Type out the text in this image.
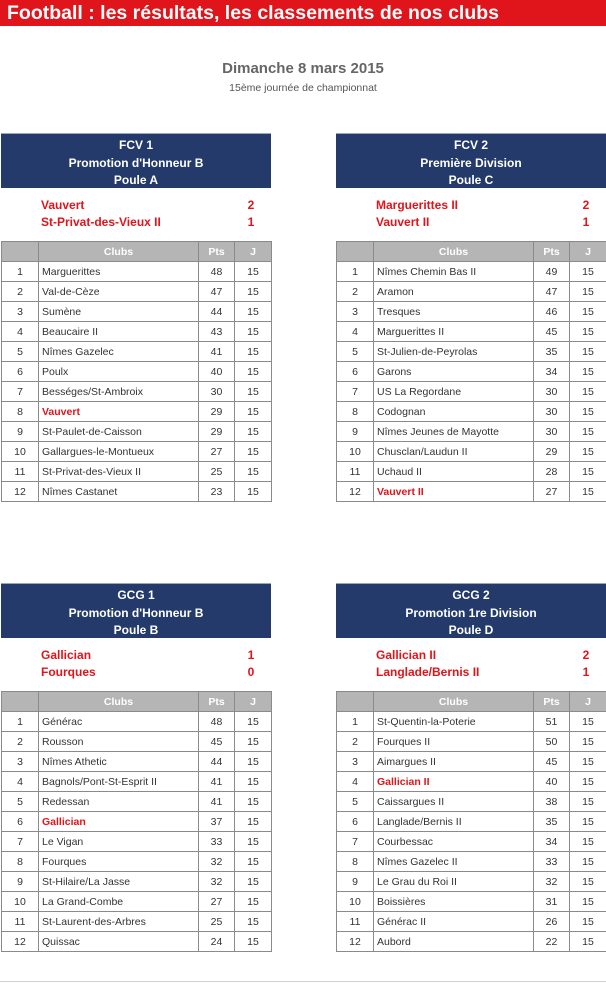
Football : les résultats, les classements de nos clubs
Dimanche 8 mars 2015
15ème journée de championnat
FCV 1
Promotion d'Honneur B
Poule A
Vauvert	2
St-Privat-des-Vieux II	1
	Clubs	Pts	J
1	Marguerittes	48	15
2	Val-de-Cèze	47	15
3	Sumène	44	15
4	Beaucaire II	43	15
5	Nîmes Gazelec	41	15
6	Poulx	40	15
7	Bességes/St-Ambroix	30	15
8	Vauvert	29	15
9	St-Paulet-de-Caisson	29	15
10	Gallargues-le-Montueux	27	15
11	St-Privat-des-Vieux II	25	15
12	Nîmes Castanet	23	15
FCV 2
Première Division
Poule C
Marguerittes II	2
Vauvert II	1
	Clubs	Pts	J
1	Nîmes Chemin Bas II	49	15
2	Aramon	47	15
3	Tresques	46	15
4	Marguerittes II	45	15
5	St-Julien-de-Peyrolas	35	15
6	Garons	34	15
7	US La Regordane	30	15
8	Codognan	30	15
9	Nîmes Jeunes de Mayotte	30	15
10	Chusclan/Laudun II	29	15
11	Uchaud II	28	15
12	Vauvert II	27	15
GCG 1
Promotion d'Honneur B
Poule B
Gallician	1
Fourques	0
	Clubs	Pts	J
1	Générac	48	15
2	Rousson	45	15
3	Nîmes Athetic	44	15
4	Bagnols/Pont-St-Esprit II	41	15
5	Redessan	41	15
6	Gallician	37	15
7	Le Vigan	33	15
8	Fourques	32	15
9	St-Hilaire/La Jasse	32	15
10	La Grand-Combe	27	15
11	St-Laurent-des-Arbres	25	15
12	Quissac	24	15
GCG 2
Promotion 1re Division
Poule D
Gallician II	2
Langlade/Bernis II	1
	Clubs	Pts	J
1	St-Quentin-la-Poterie	51	15
2	Fourques II	50	15
3	Aimargues II	45	15
4	Gallician II	40	15
5	Caissargues II	38	15
6	Langlade/Bernis II	35	15
7	Courbessac	34	15
8	Nîmes Gazelec II	33	15
9	Le Grau du Roi II	32	15
10	Boissières	31	15
11	Générac II	26	15
12	Aubord	22	15
